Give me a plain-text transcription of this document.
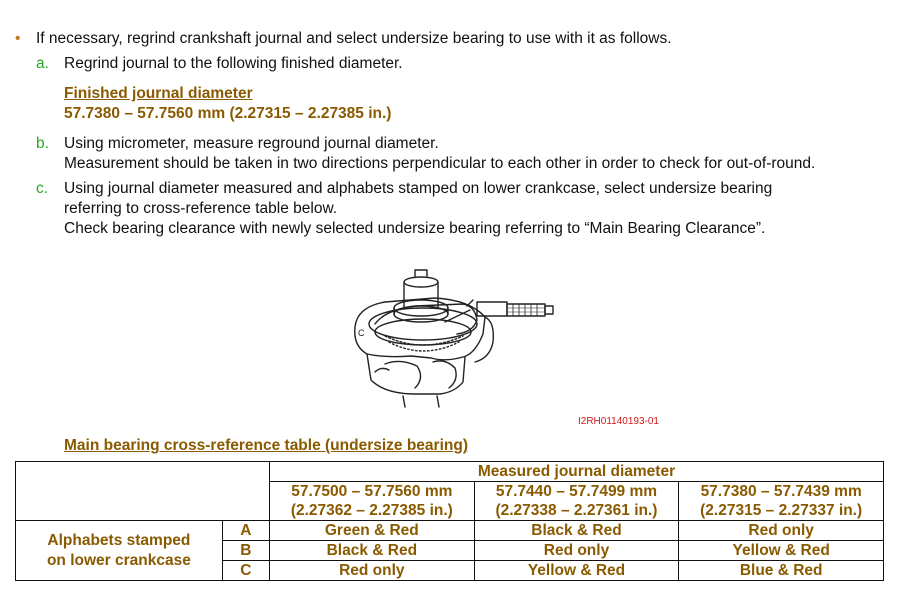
• If necessary, regrind crankshaft journal and select undersize bearing to use with it as follows.
a. Regrind journal to the following finished diameter.
Finished journal diameter
57.7380 – 57.7560 mm (2.27315 – 2.27385 in.)
b. Using micrometer, measure reground journal diameter.
Measurement should be taken in two directions perpendicular to each other in order to check for out-of-round.
c. Using journal diameter measured and alphabets stamped on lower crankcase, select undersize bearing
referring to cross-reference table below.
Check bearing clearance with newly selected undersize bearing referring to “Main Bearing Clearance”.
C
I2RH01140193-01
Main bearing cross-reference table (undersize bearing)
		Measured journal diameter		
		57.7500 – 57.7560 mm	57.7440 – 57.7499 mm	57.7380 – 57.7439 mm
		(2.27362 – 2.27385 in.)	(2.27338 – 2.27361 in.)	(2.27315 – 2.27337 in.)

Alphabets stamped
on lower crankcase	A	Green & Red	Black & Red	Red only
	B	Black & Red	Red only	Yellow & Red
	C	Red only	Yellow & Red	Blue & Red
